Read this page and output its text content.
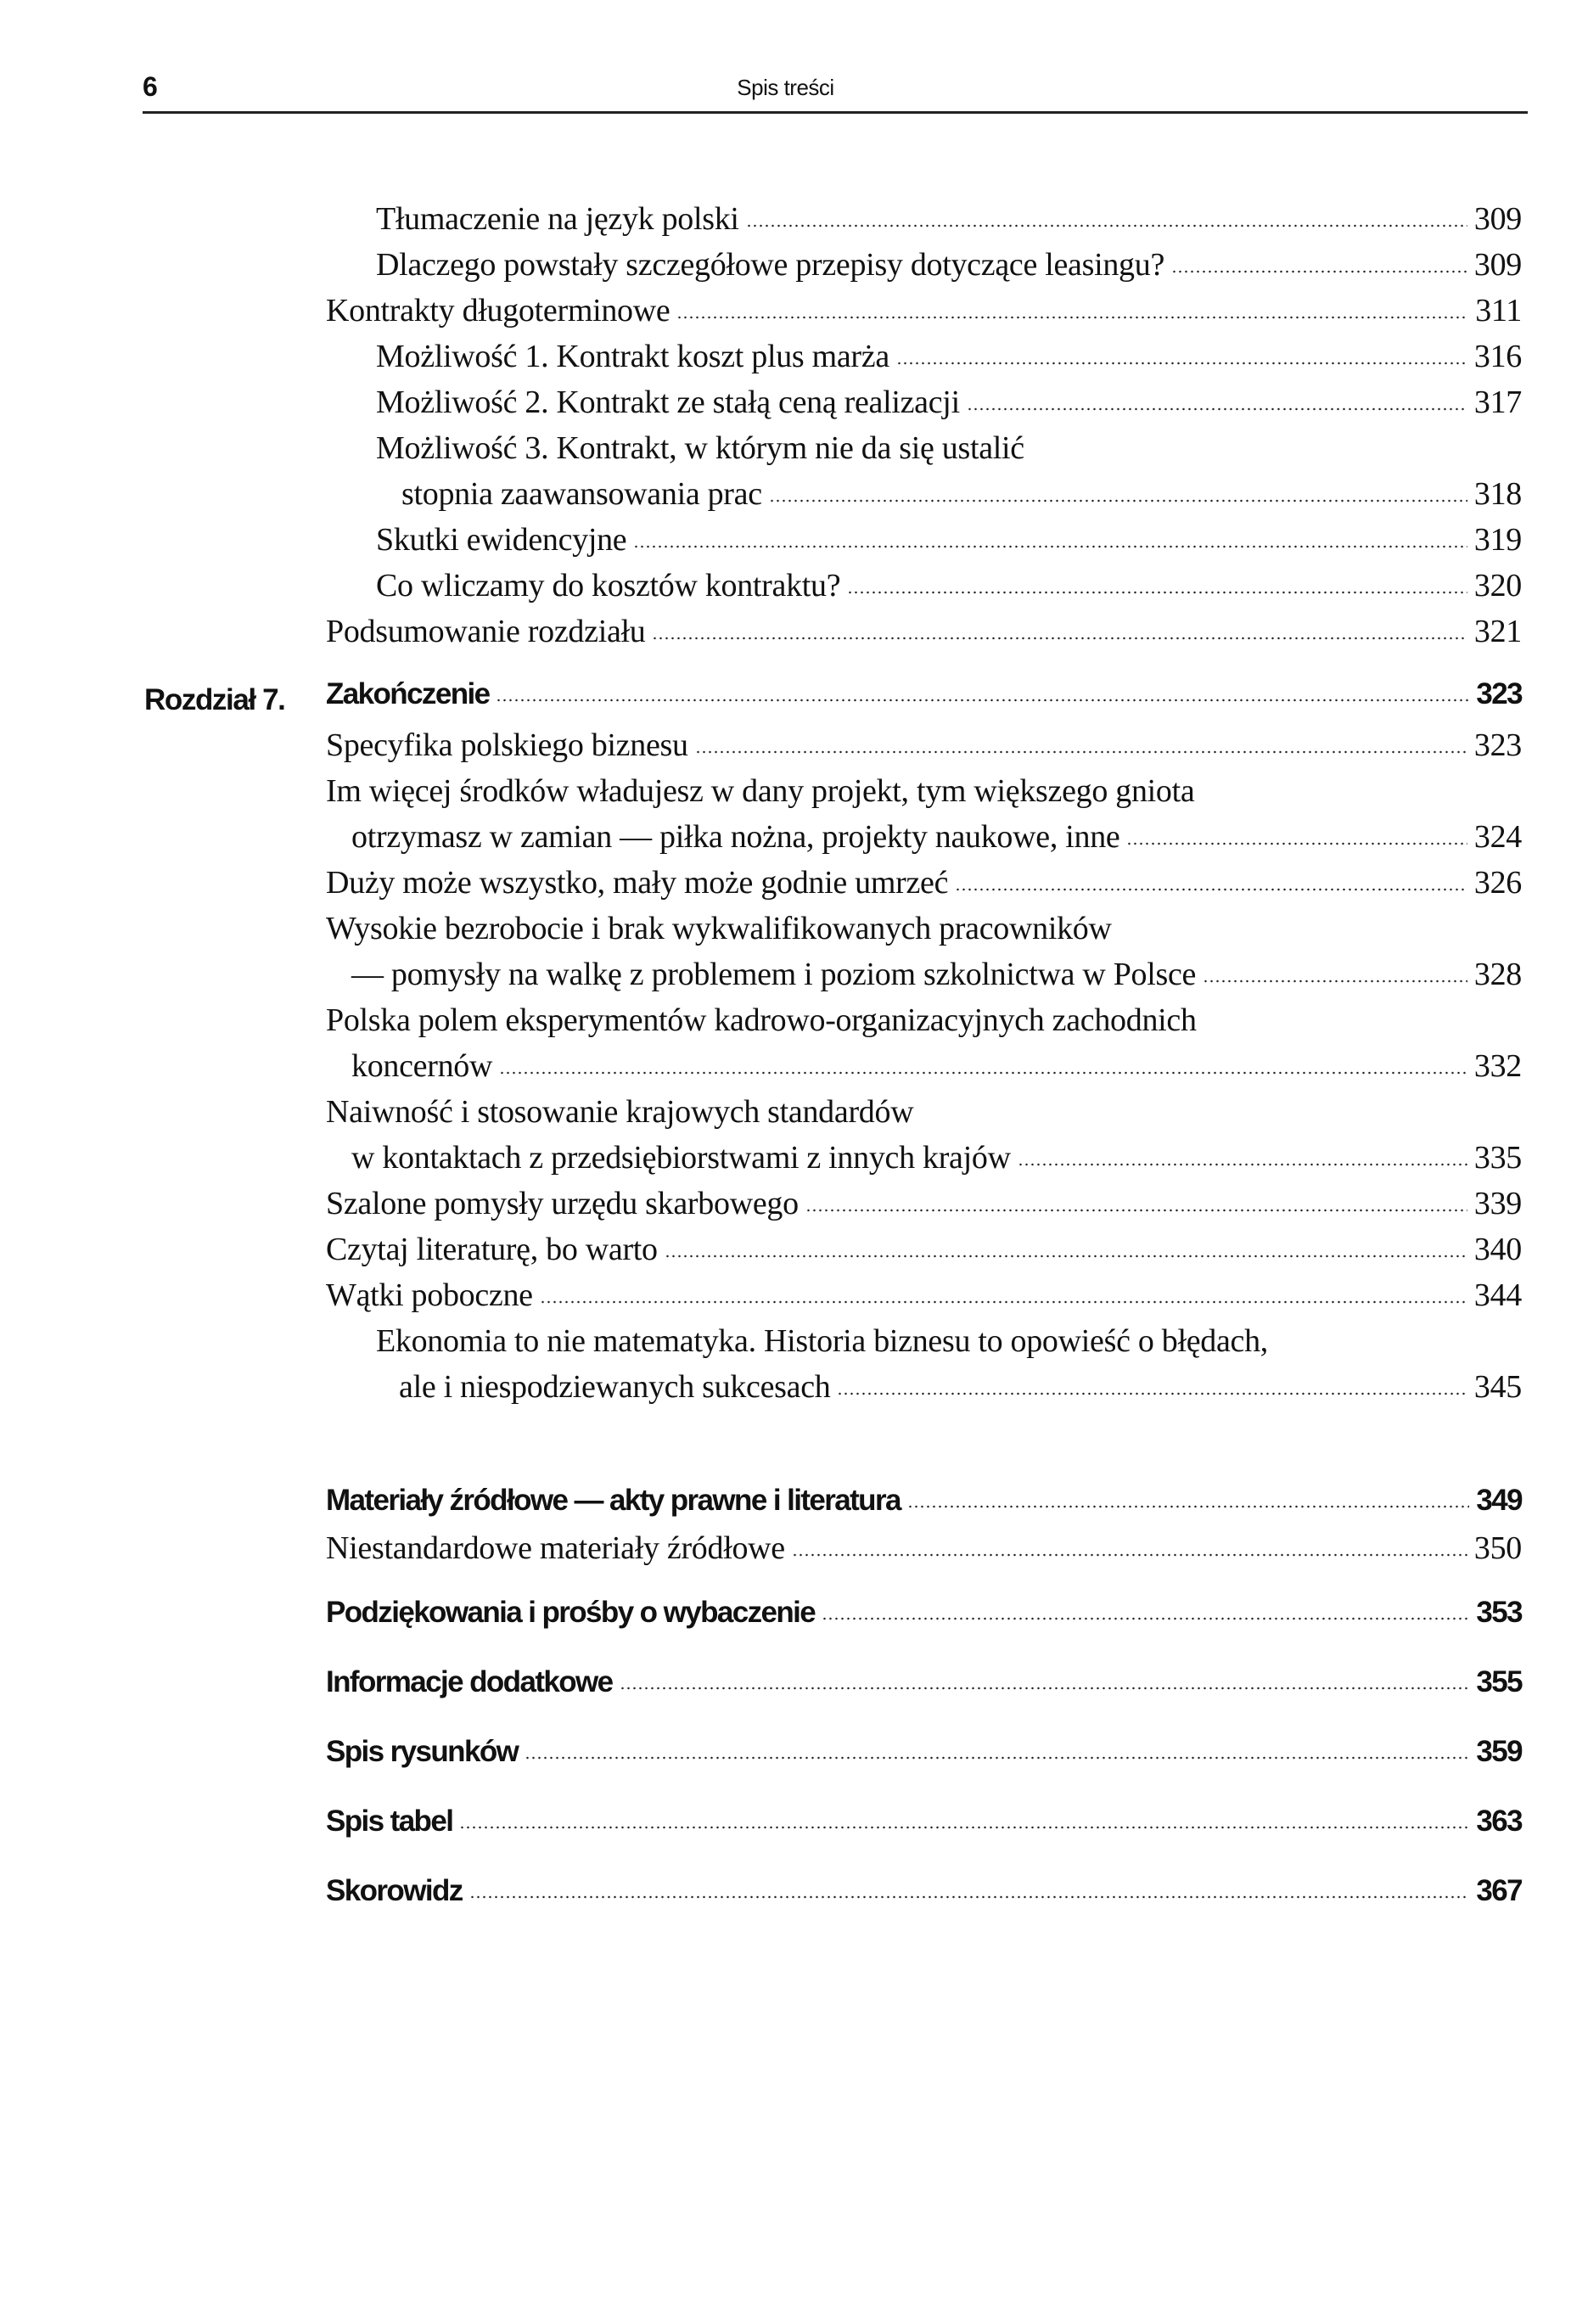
6	Spis treści
Tłumaczenie na język polski	309
Dlaczego powstały szczegółowe przepisy dotyczące leasingu?	309
Kontrakty długoterminowe	311
Możliwość 1. Kontrakt koszt plus marża	316
Możliwość 2. Kontrakt ze stałą ceną realizacji	317
Możliwość 3. Kontrakt, w którym nie da się ustalić
stopnia zaawansowania prac	318
Skutki ewidencyjne	319
Co wliczamy do kosztów kontraktu?	320
Podsumowanie rozdziału	321
Rozdział 7. Zakończenie	323
Specyfika polskiego biznesu	323
Im więcej środków władujesz w dany projekt, tym większego gniota
otrzymasz w zamian — piłka nożna, projekty naukowe, inne	324
Duży może wszystko, mały może godnie umrzeć	326
Wysokie bezrobocie i brak wykwalifikowanych pracowników
— pomysły na walkę z problemem i poziom szkolnictwa w Polsce	328
Polska polem eksperymentów kadrowo-organizacyjnych zachodnich
koncernów	332
Naiwność i stosowanie krajowych standardów
w kontaktach z przedsiębiorstwami z innych krajów	335
Szalone pomysły urzędu skarbowego	339
Czytaj literaturę, bo warto	340
Wątki poboczne	344
Ekonomia to nie matematyka. Historia biznesu to opowieść o błędach,
ale i niespodziewanych sukcesach	345
Materiały źródłowe — akty prawne i literatura	349
Niestandardowe materiały źródłowe	350
Podziękowania i prośby o wybaczenie	353
Informacje dodatkowe	355
Spis rysunków	359
Spis tabel	363
Skorowidz	367
